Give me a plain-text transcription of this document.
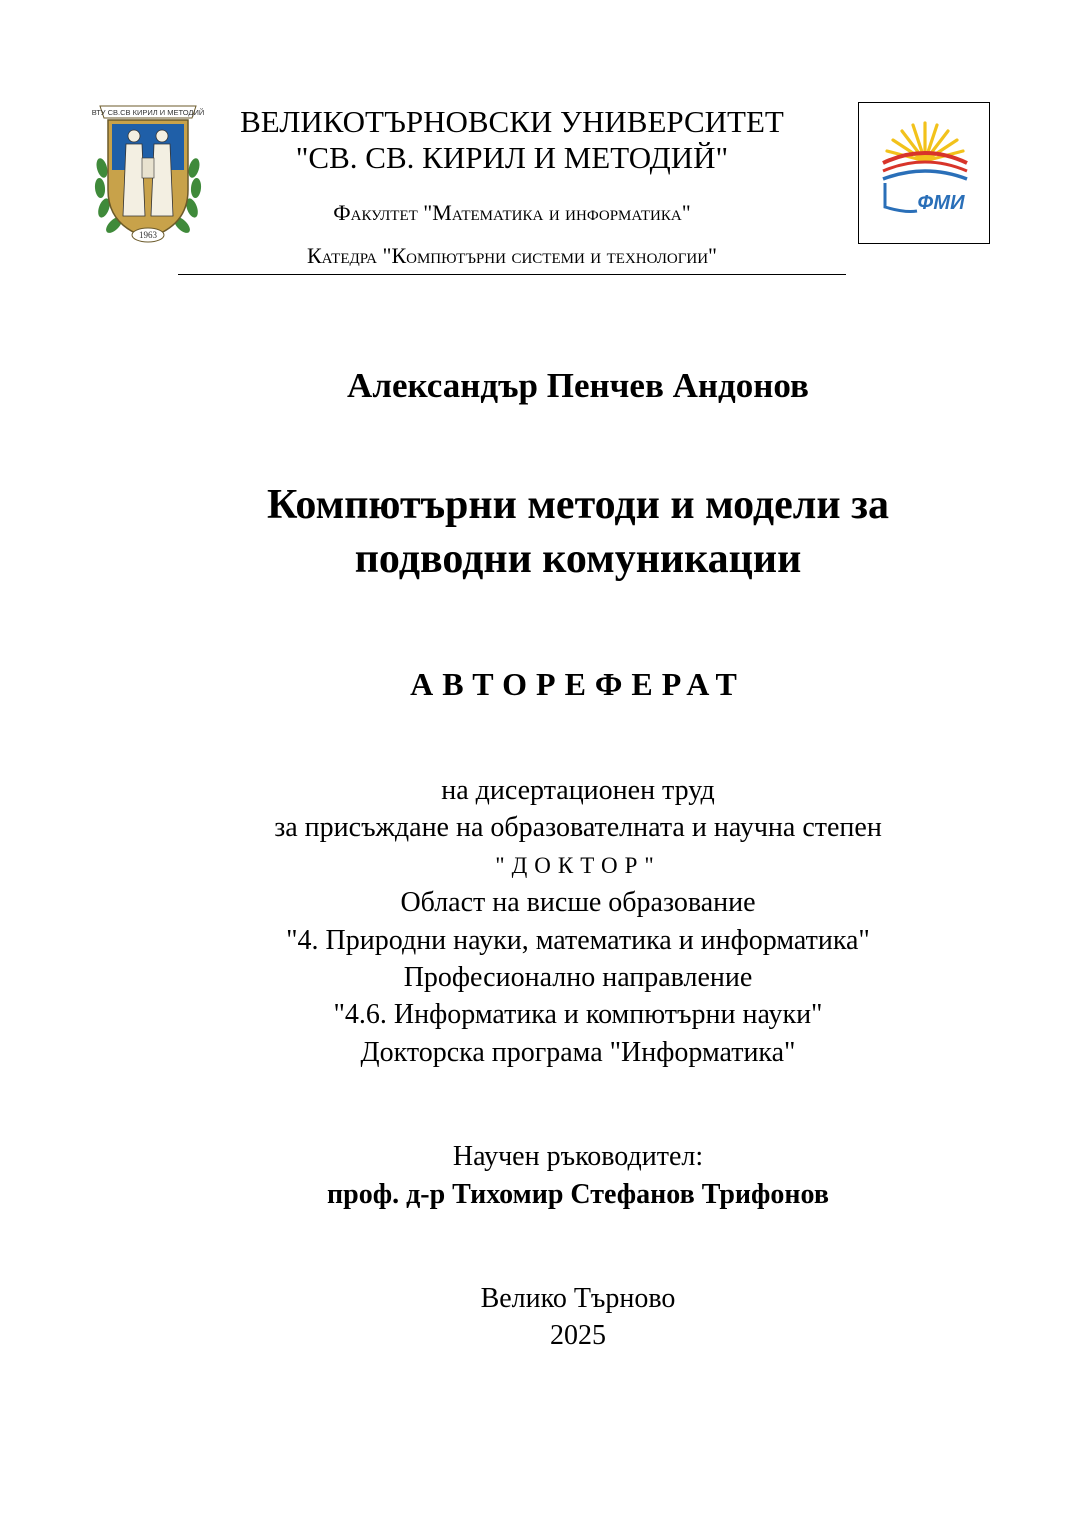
ВТУ СВ.СВ КИРИЛ И МЕТОДИЙ
1963
ВЕЛИКОТЪРНОВСКИ УНИВЕРСИТЕТ
"СВ. СВ. КИРИЛ И МЕТОДИЙ"
Факултет "Математика и информатика"
Катедра "Компютърни системи и технологии"
ФМИ
Александър Пенчев Андонов
Компютърни методи и модели за
подводни комуникации
АВТОРЕФЕРАТ
на дисертационен труд
за присъждане на образователната и научна степен
"ДОКТОР"
Област на висше образование
"4. Природни науки, математика и информатика"
Професионално направление
"4.6. Информатика и компютърни науки"
Докторска програма "Информатика"
Научен ръководител:
проф. д-р Тихомир Стефанов Трифонов
Велико Търново
2025
